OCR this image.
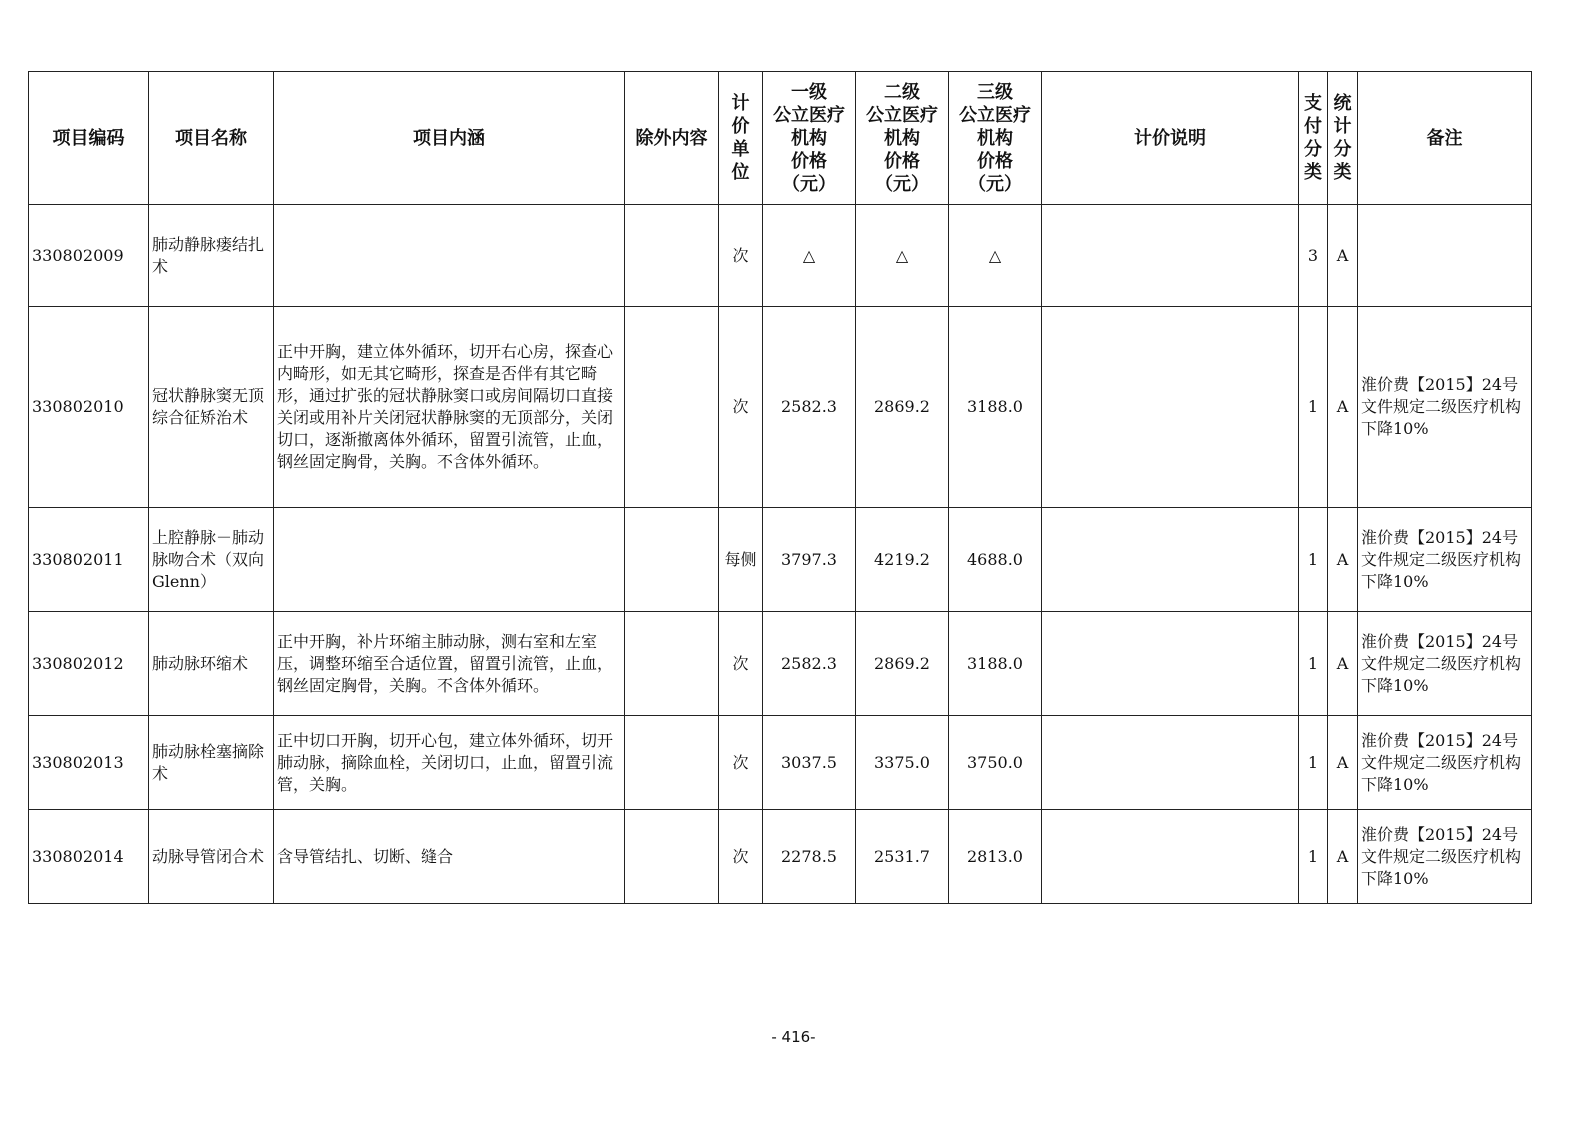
项目编码	项目名称	项目内涵	除外内容	计价单位	一级
公立医疗
机构
价格
（元）	二级
公立医疗
机构
价格
（元）	三级
公立医疗
机构
价格
（元）	计价说明	支付分类	统计分类	备注
330802009	肺动静脉瘘结扎术			次	△	△	△		3	A	
330802010	冠状静脉窦无顶综合征矫治术	正中开胸，建立体外循环，切开右心房，探查心内畸形，如无其它畸形，探查是否伴有其它畸形，通过扩张的冠状静脉窦口或房间隔切口直接关闭或用补片关闭冠状静脉窦的无顶部分，关闭切口，逐渐撤离体外循环，留置引流管，止血，钢丝固定胸骨，关胸。不含体外循环。		次	2582.3	2869.2	3188.0		1	A	淮价费【2015】24号文件规定二级医疗机构下降10%
330802011	上腔静脉－肺动脉吻合术（双向Glenn）			每侧	3797.3	4219.2	4688.0		1	A	淮价费【2015】24号文件规定二级医疗机构下降10%
330802012	肺动脉环缩术	正中开胸，补片环缩主肺动脉，测右室和左室压，调整环缩至合适位置，留置引流管，止血，钢丝固定胸骨，关胸。不含体外循环。		次	2582.3	2869.2	3188.0		1	A	淮价费【2015】24号文件规定二级医疗机构下降10%
330802013	肺动脉栓塞摘除术	正中切口开胸，切开心包，建立体外循环，切开肺动脉，摘除血栓，关闭切口，止血，留置引流管，关胸。		次	3037.5	3375.0	3750.0		1	A	淮价费【2015】24号文件规定二级医疗机构下降10%
330802014	动脉导管闭合术	含导管结扎、切断、缝合		次	2278.5	2531.7	2813.0		1	A	淮价费【2015】24号文件规定二级医疗机构下降10%
- 416-
